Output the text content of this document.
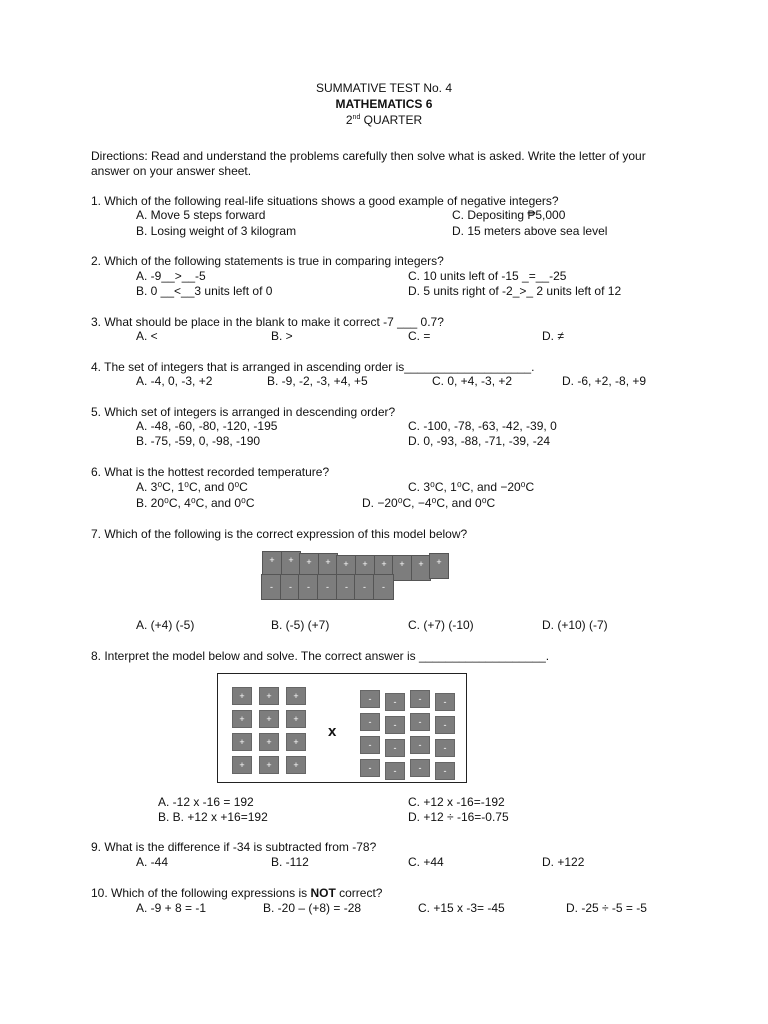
SUMMATIVE TEST No. 4
MATHEMATICS 6
2nd QUARTER
Directions: Read and understand the problems carefully then solve what is asked. Write the letter of your
answer on your answer sheet.
1. Which of the following real-life situations shows a good example of negative integers?
A. Move 5 steps forward	C. Depositing ₱5,000
B. Losing weight of 3 kilogram	D. 15 meters above sea level
2. Which of the following statements is true in comparing integers?
A. -9__>__-5	C. 10 units left of -15 _=__-25
B. 0 __<__3 units left of 0	D. 5 units right of -2_>_ 2 units left of 12
3. What should be place in the blank to make it correct -7 ___ 0.7?
A. <	B. >	C. =	D. ≠
4. The set of integers that is arranged in ascending order is___________________.
A. -4, 0, -3, +2	B. -9, -2, -3, +4, +5	C. 0, +4, -3, +2	D. -6, +2, -8, +9
5. Which set of integers is arranged in descending order?
A. -48, -60, -80, -120, -195	C. -100, -78, -63, -42, -39, 0
B. -75, -59, 0, -98, -190	D. 0, -93, -88, -71, -39, -24
6. What is the hottest recorded temperature?
A. 3⁰C, 1⁰C, and 0⁰C	C. 3⁰C, 1⁰C, and −20⁰C
B. 20⁰C, 4⁰C, and 0⁰C	D. −20⁰C, −4⁰C, and 0⁰C
7. Which of the following is the correct expression of this model below?
A. (+4) (-5)	B. (-5) (+7)	C. (+7) (-10)	D. (+10) (-7)
8. Interpret the model below and solve. The correct answer is ___________________.
+	+	+
+	+	+
+	+	+
+	+	+
x
-	-	-	-
-	-	-	-
-	-	-	-
-	-	-	-
A. -12 x -16 = 192	C. +12 x -16=-192
B. B. +12 x +16=192	D. +12 ÷ -16=-0.75
9. What is the difference if -34 is subtracted from -78?
A. -44	B. -112	C. +44	D. +122
10. Which of the following expressions is NOT correct?
A. -9 + 8 = -1	B. -20 – (+8) = -28	C. +15 x -3= -45	D. -25 ÷ -5 = -5
+	+	+	+	+	+	+	+	+	+
-	-	-	-	-	-	-
